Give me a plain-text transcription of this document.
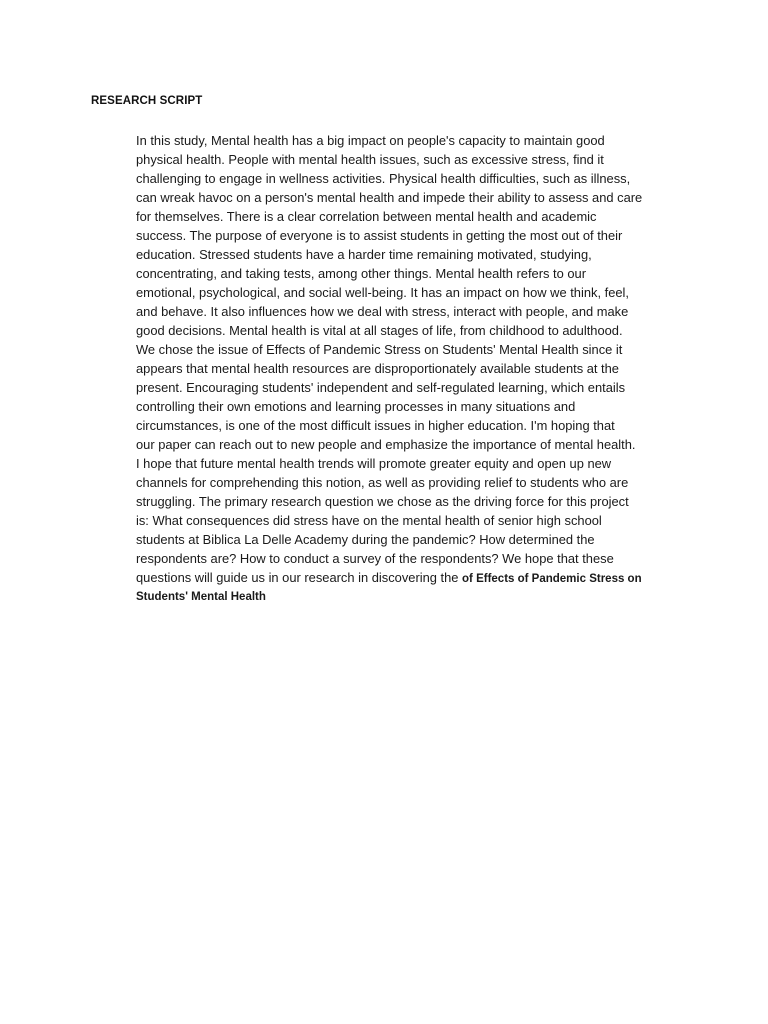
RESEARCH SCRIPT
In this study, Mental health has a big impact on people's capacity to maintain good
physical health. People with mental health issues, such as excessive stress, find it
challenging to engage in wellness activities. Physical health difficulties, such as illness,
can wreak havoc on a person's mental health and impede their ability to assess and care
for themselves. There is a clear correlation between mental health and academic
success. The purpose of everyone is to assist students in getting the most out of their
education. Stressed students have a harder time remaining motivated, studying,
concentrating, and taking tests, among other things. Mental health refers to our
emotional, psychological, and social well-being. It has an impact on how we think, feel,
and behave. It also influences how we deal with stress, interact with people, and make
good decisions. Mental health is vital at all stages of life, from childhood to adulthood.
We chose the issue of Effects of Pandemic Stress on Students' Mental Health since it
appears that mental health resources are disproportionately available students at the
present. Encouraging students' independent and self-regulated learning, which entails
controlling their own emotions and learning processes in many situations and
circumstances, is one of the most difficult issues in higher education. I'm hoping that
our paper can reach out to new people and emphasize the importance of mental health.
I hope that future mental health trends will promote greater equity and open up new
channels for comprehending this notion, as well as providing relief to students who are
struggling. The primary research question we chose as the driving force for this project
is: What consequences did stress have on the mental health of senior high school
students at Biblica La Delle Academy during the pandemic? How determined the
respondents are? How to conduct a survey of the respondents? We hope that these
questions will guide us in our research in discovering the of Effects of Pandemic Stress on
Students' Mental Health
